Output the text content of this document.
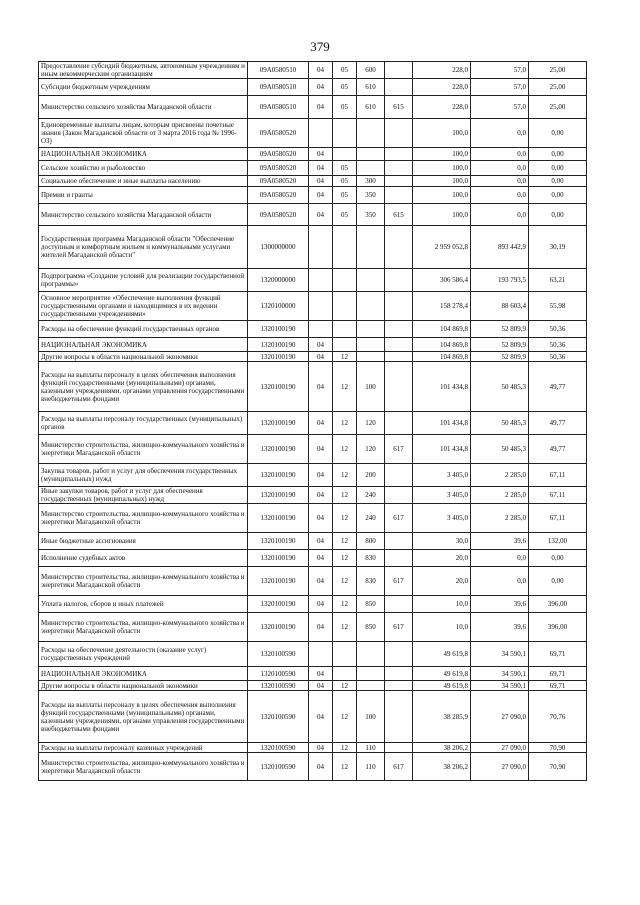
379
Предоставление субсидий бюджетным, автономным учреждениям и иным некоммерческим организациям	09А0580510	04	05	600		228,0	57,0	25,00
Субсидии бюджетным учреждениям	09А0580510	04	05	610		228,0	57,0	25,00
Министерство сельского хозяйства Магаданской области	09А0580510	04	05	610	615	228,0	57,0	25,00
Единовременные выплаты лицам, которым присвоены почетные звания (Закон Магаданской области от 3 марта 2016 года № 1996-ОЗ)	09А0580520					100,0	0,0	0,00
НАЦИОНАЛЬНАЯ ЭКОНОМИКА	09А0580520	04				100,0	0,0	0,00
Сельское хозяйство и рыболовство	09А0580520	04	05			100,0	0,0	0,00
Социальное обеспечение и иные выплаты населению	09А0580520	04	05	300		100,0	0,0	0,00
Премии и гранты	09А0580520	04	05	350		100,0	0,0	0,00
Министерство сельского хозяйства Магаданской области	09А0580520	04	05	350	615	100,0	0,0	0,00
Государственная программа Магаданской области "Обеспечение доступным и комфортным жильем и коммунальными услугами жителей Магаданской области"	1300000000					2 959 052,8	893 442,9	30,19
Подпрограмма «Создание условий для реализации государственной программы»	1320000000					306 586,4	193 793,5	63,21
Основное мероприятие «Обеспечение выполнения функций государственными органами и находящимися в их ведении государственными учреждениями»	1320100000					158 278,4	88 603,4	55,98
Расходы на обеспечение функций государственных органов	1320100190					104 869,8	52 809,9	50,36
НАЦИОНАЛЬНАЯ ЭКОНОМИКА	1320100190	04				104 869,8	52 809,9	50,36
Другие вопросы в области национальной экономики	1320100190	04	12			104 869,8	52 809,9	50,36
Расходы на выплаты персоналу в целях обеспечения выполнения функций государственными (муниципальными) органами, казенными учреждениями, органами управления государственными внебюджетными фондами	1320100190	04	12	100		101 434,8	50 485,3	49,77
Расходы на выплаты персоналу государственных (муниципальных) органов	1320100190	04	12	120		101 434,8	50 485,3	49,77
Министерство строительства, жилищно-коммунального хозяйства и энергетики Магаданской области	1320100190	04	12	120	617	101 434,8	50 485,3	49,77
Закупка товаров, работ и услуг для обеспечения государственных (муниципальных) нужд	1320100190	04	12	200		3 405,0	2 285,0	67,11
Иные закупки товаров, работ и услуг для обеспечения государственных (муниципальных) нужд	1320100190	04	12	240		3 405,0	2 285,0	67,11
Министерство строительства, жилищно-коммунального хозяйства и энергетики Магаданской области	1320100190	04	12	240	617	3 405,0	2 285,0	67,11
Иные бюджетные ассигнования	1320100190	04	12	800		30,0	39,6	132,00
Исполнение судебных актов	1320100190	04	12	830		20,0	0,0	0,00
Министерство строительства, жилищно-коммунального хозяйства и энергетики Магаданской области	1320100190	04	12	830	617	20,0	0,0	0,00
Уплата налогов, сборов и иных платежей	1320100190	04	12	850		10,0	39,6	396,00
Министерство строительства, жилищно-коммунального хозяйства и энергетики Магаданской области	1320100190	04	12	850	617	10,0	39,6	396,00
Расходы на обеспечение деятельности (оказание услуг) государственных учреждений	1320100590					49 619,8	34 590,1	69,71
НАЦИОНАЛЬНАЯ ЭКОНОМИКА	1320100590	04				49 619,8	34 590,1	69,71
Другие вопросы в области национальной экономики	1320100590	04	12			49 619,8	34 590,1	69,71
Расходы на выплаты персоналу в целях обеспечения выполнения функций государственными (муниципальными) органами, казенными учреждениями, органами управления государственными внебюджетными фондами	1320100590	04	12	100		38 285,9	27 090,0	70,76
Расходы на выплаты персоналу казенных учреждений	1320100590	04	12	110		38 206,2	27 090,0	70,90
Министерство строительства, жилищно-коммунального хозяйства и энергетики Магаданской области	1320100590	04	12	110	617	38 206,2	27 090,0	70,90
